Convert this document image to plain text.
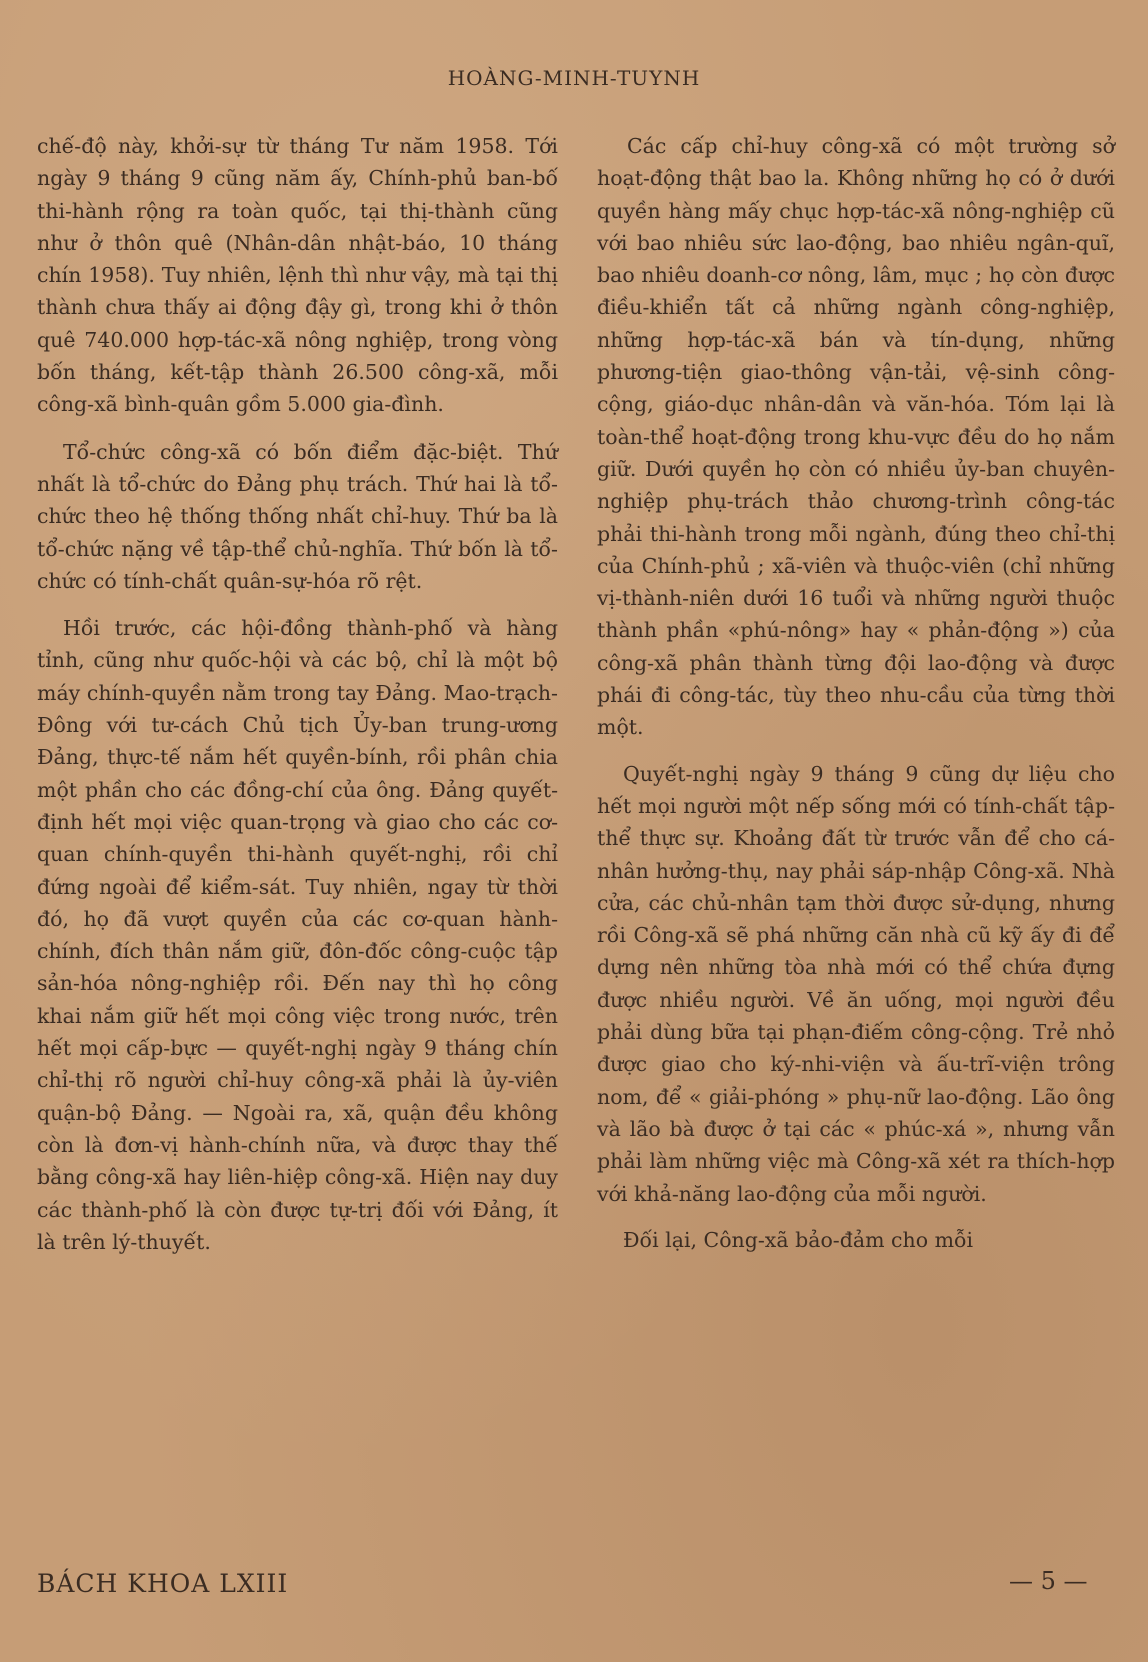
HOÀNG-MINH-TUYNH

chế-độ này, khởi-sự từ tháng Tư năm 1958. Tới ngày 9 tháng 9 cũng năm ấy, Chính-phủ ban-bố thi-hành rộng ra toàn quốc, tại thị-thành cũng như ở thôn quê (Nhân-dân nhật-báo, 10 tháng chín 1958). Tuy nhiên, lệnh thì như vậy, mà tại thị thành chưa thấy ai động đậy gì, trong khi ở thôn quê 740.000 hợp-tác-xã nông nghiệp, trong vòng bốn tháng, kết-tập thành 26.500 công-xã, mỗi công-xã bình-quân gồm 5.000 gia-đình.

Tổ-chức công-xã có bốn điểm đặc-biệt. Thứ nhất là tổ-chức do Đảng phụ trách. Thứ hai là tổ-chức theo hệ thống thống nhất chỉ-huy. Thứ ba là tổ-chức nặng về tập-thể chủ-nghĩa. Thứ bốn là tổ-chức có tính-chất quân-sự-hóa rõ rệt.

Hồi trước, các hội-đồng thành-phố và hàng tỉnh, cũng như quốc-hội và các bộ, chỉ là một bộ máy chính-quyền nằm trong tay Đảng. Mao-trạch-Đông với tư-cách Chủ tịch Ủy-ban trung-ương Đảng, thực-tế nắm hết quyền-bính, rồi phân chia một phần cho các đồng-chí của ông. Đảng quyết-định hết mọi việc quan-trọng và giao cho các cơ-quan chính-quyền thi-hành quyết-nghị, rồi chỉ đứng ngoài để kiểm-sát. Tuy nhiên, ngay từ thời đó, họ đã vượt quyền của các cơ-quan hành-chính, đích thân nắm giữ, đôn-đốc công-cuộc tập sản-hóa nông-nghiệp rồi. Đến nay thì họ công khai nắm giữ hết mọi công việc trong nước, trên hết mọi cấp-bực — quyết-nghị ngày 9 tháng chín chỉ-thị rõ người chỉ-huy công-xã phải là ủy-viên quận-bộ Đảng. — Ngoài ra, xã, quận đều không còn là đơn-vị hành-chính nữa, và được thay thế bằng công-xã hay liên-hiệp công-xã. Hiện nay duy các thành-phố là còn được tự-trị đối với Đảng, ít là trên lý-thuyết.

Các cấp chỉ-huy công-xã có một trường sở hoạt-động thật bao la. Không những họ có ở dưới quyền hàng mấy chục hợp-tác-xã nông-nghiệp cũ với bao nhiêu sức lao-động, bao nhiêu ngân-quĩ, bao nhiêu doanh-cơ nông, lâm, mục ; họ còn được điều-khiển tất cả những ngành công-nghiệp, những hợp-tác-xã bán và tín-dụng, những phương-tiện giao-thông vận-tải, vệ-sinh công-cộng, giáo-dục nhân-dân và văn-hóa. Tóm lại là toàn-thể hoạt-động trong khu-vực đều do họ nắm giữ. Dưới quyền họ còn có nhiều ủy-ban chuyên-nghiệp phụ-trách thảo chương-trình công-tác phải thi-hành trong mỗi ngành, đúng theo chỉ-thị của Chính-phủ ; xã-viên và thuộc-viên (chỉ những vị-thành-niên dưới 16 tuổi và những người thuộc thành phần «phú-nông» hay « phản-động ») của công-xã phân thành từng đội lao-động và được phái đi công-tác, tùy theo nhu-cầu của từng thời một.

Quyết-nghị ngày 9 tháng 9 cũng dự liệu cho hết mọi người một nếp sống mới có tính-chất tập-thể thực sự. Khoảng đất từ trước vẫn để cho cá-nhân hưởng-thụ, nay phải sáp-nhập Công-xã. Nhà cửa, các chủ-nhân tạm thời được sử-dụng, nhưng rồi Công-xã sẽ phá những căn nhà cũ kỹ ấy đi để dựng nên những tòa nhà mới có thể chứa đựng được nhiều người. Về ăn uống, mọi người đều phải dùng bữa tại phạn-điếm công-cộng. Trẻ nhỏ được giao cho ký-nhi-viện và ấu-trĩ-viện trông nom, để « giải-phóng » phụ-nữ lao-động. Lão ông và lão bà được ở tại các « phúc-xá », nhưng vẫn phải làm những việc mà Công-xã xét ra thích-hợp với khả-năng lao-động của mỗi người.

Đối lại, Công-xã bảo-đảm cho mỗi

BÁCH KHOA LXIII	— 5 —
